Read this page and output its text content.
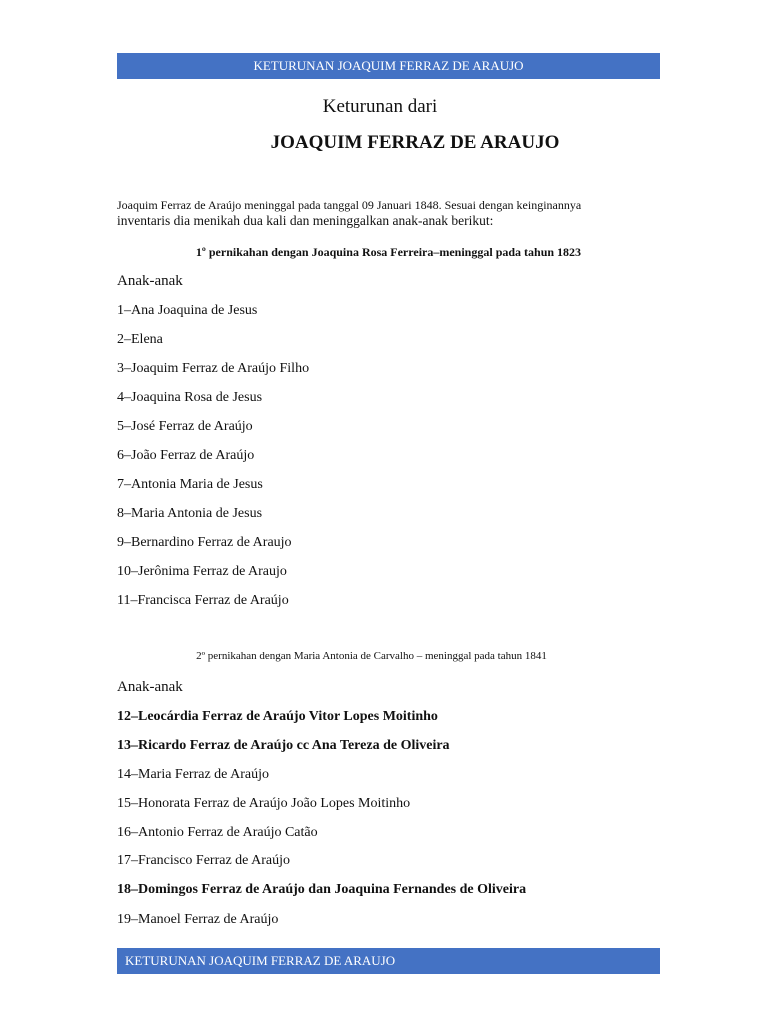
KETURUNAN JOAQUIM FERRAZ DE ARAUJO
Keturunan dari
JOAQUIM FERRAZ DE ARAUJO
Joaquim Ferraz de Araújo meninggal pada tanggal 09 Januari 1848. Sesuai dengan keinginannya
inventaris dia menikah dua kali dan meninggalkan anak-anak berikut:
1º pernikahan dengan Joaquina Rosa Ferreira–meninggal pada tahun 1823
Anak-anak
1–Ana Joaquina de Jesus
2–Elena
3–Joaquim Ferraz de Araújo Filho
4–Joaquina Rosa de Jesus
5–José Ferraz de Araújo
6–João Ferraz de Araújo
7–Antonia Maria de Jesus
8–Maria Antonia de Jesus
9–Bernardino Ferraz de Araujo
10–Jerônima Ferraz de Araujo
11–Francisca Ferraz de Araújo
2º pernikahan dengan Maria Antonia de Carvalho – meninggal pada tahun 1841
Anak-anak
12–Leocárdia Ferraz de Araújo Vitor Lopes Moitinho
13–Ricardo Ferraz de Araújo cc Ana Tereza de Oliveira
14–Maria Ferraz de Araújo
15–Honorata Ferraz de Araújo João Lopes Moitinho
16–Antonio Ferraz de Araújo Catão
17–Francisco Ferraz de Araújo
18–Domingos Ferraz de Araújo dan Joaquina Fernandes de Oliveira
19–Manoel Ferraz de Araújo
KETURUNAN JOAQUIM FERRAZ DE ARAUJO
